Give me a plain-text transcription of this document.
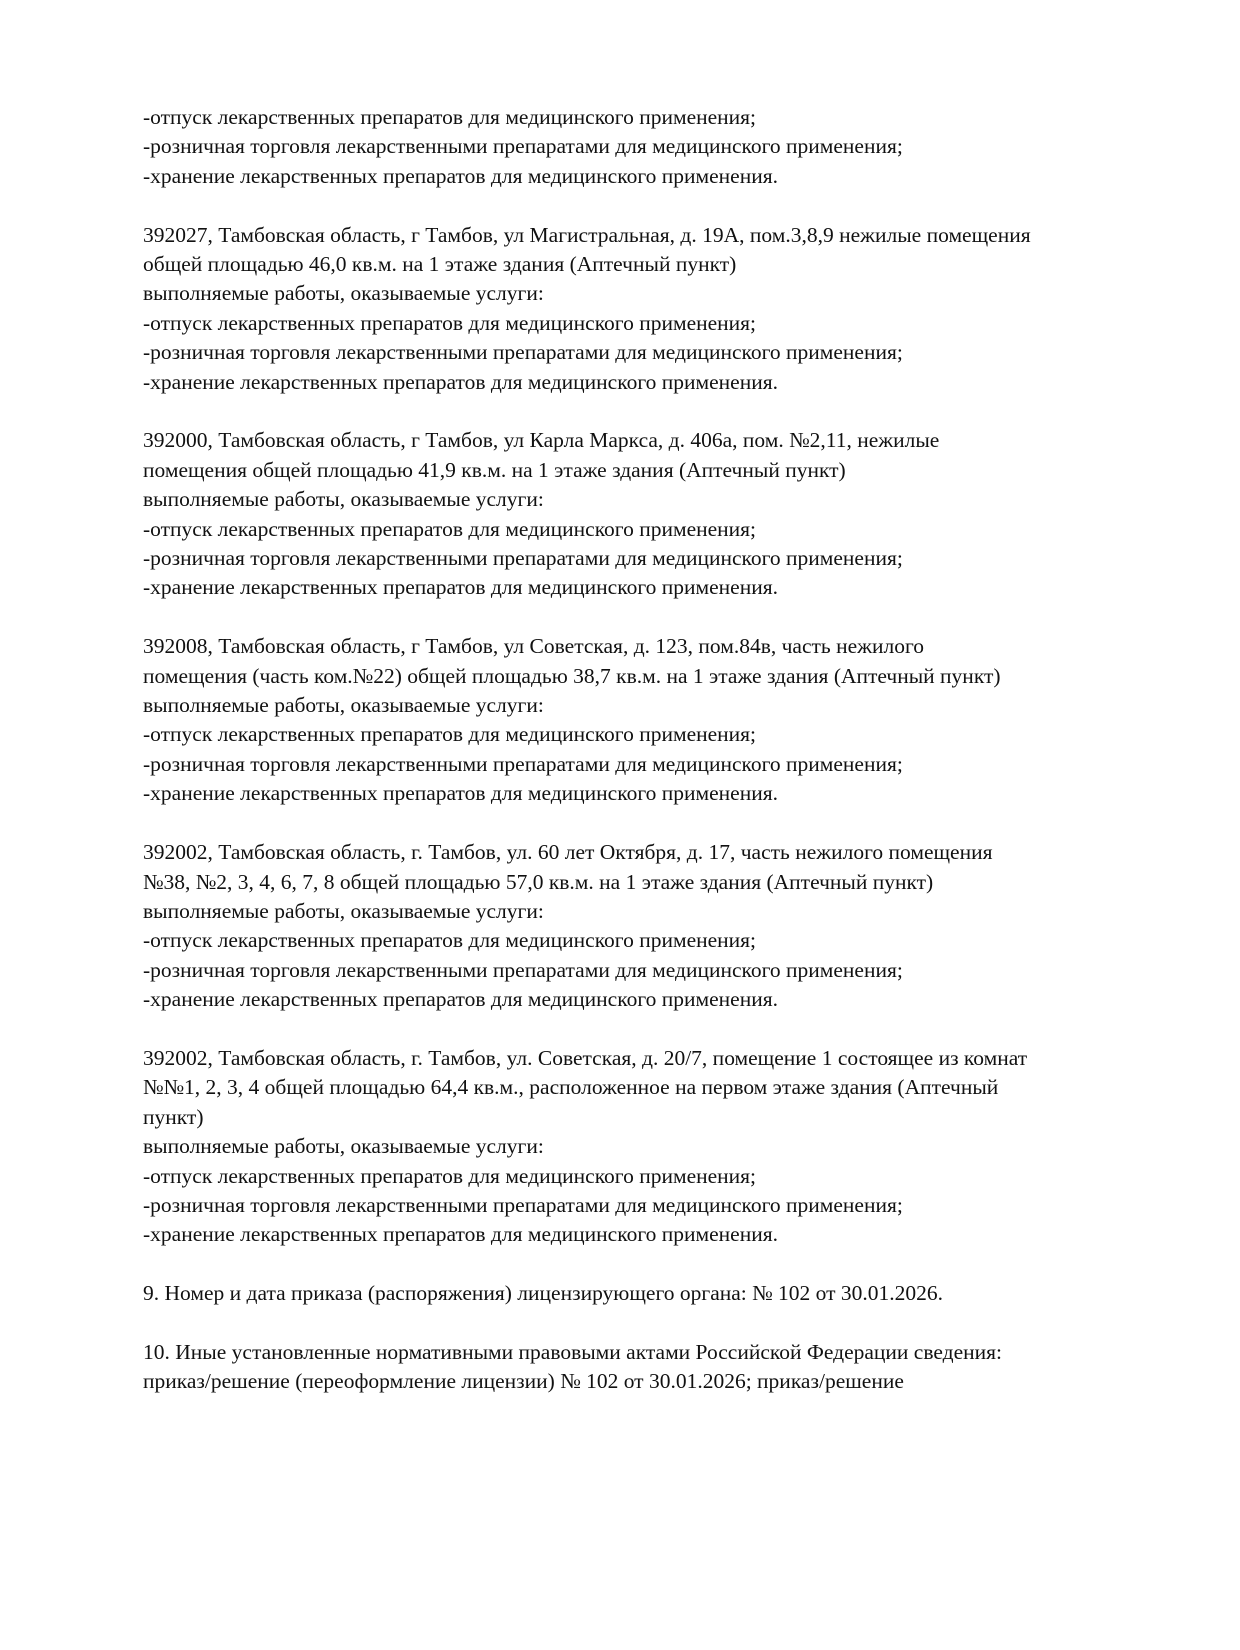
-отпуск лекарственных препаратов для медицинского применения;
-розничная торговля лекарственными препаратами для медицинского применения;
-хранение лекарственных препаратов для медицинского применения.
392027, Тамбовская область, г Тамбов, ул Магистральная, д. 19А, пом.3,8,9 нежилые помещения
общей площадью 46,0 кв.м. на 1 этаже здания (Аптечный пункт)
выполняемые работы, оказываемые услуги:
-отпуск лекарственных препаратов для медицинского применения;
-розничная торговля лекарственными препаратами для медицинского применения;
-хранение лекарственных препаратов для медицинского применения.
392000, Тамбовская область, г Тамбов, ул Карла Маркса, д. 406а, пом. №2,11, нежилые
помещения общей площадью 41,9 кв.м. на 1 этаже здания (Аптечный пункт)
выполняемые работы, оказываемые услуги:
-отпуск лекарственных препаратов для медицинского применения;
-розничная торговля лекарственными препаратами для медицинского применения;
-хранение лекарственных препаратов для медицинского применения.
392008, Тамбовская область, г Тамбов, ул Советская, д. 123, пом.84в, часть нежилого
помещения (часть ком.№22) общей площадью 38,7 кв.м. на 1 этаже здания (Аптечный пункт)
выполняемые работы, оказываемые услуги:
-отпуск лекарственных препаратов для медицинского применения;
-розничная торговля лекарственными препаратами для медицинского применения;
-хранение лекарственных препаратов для медицинского применения.
392002, Тамбовская область, г. Тамбов, ул. 60 лет Октября, д. 17, часть нежилого помещения
№38, №2, 3, 4, 6, 7, 8 общей площадью 57,0 кв.м. на 1 этаже здания (Аптечный пункт)
выполняемые работы, оказываемые услуги:
-отпуск лекарственных препаратов для медицинского применения;
-розничная торговля лекарственными препаратами для медицинского применения;
-хранение лекарственных препаратов для медицинского применения.
392002, Тамбовская область, г. Тамбов, ул. Советская, д. 20/7, помещение 1 состоящее из комнат
№№1, 2, 3, 4 общей площадью 64,4 кв.м., расположенное на первом этаже здания (Аптечный
пункт)
выполняемые работы, оказываемые услуги:
-отпуск лекарственных препаратов для медицинского применения;
-розничная торговля лекарственными препаратами для медицинского применения;
-хранение лекарственных препаратов для медицинского применения.
9. Номер и дата приказа (распоряжения) лицензирующего органа: № 102 от 30.01.2026.
10. Иные установленные нормативными правовыми актами Российской Федерации сведения:
приказ/решение (переоформление лицензии) № 102 от 30.01.2026; приказ/решение
